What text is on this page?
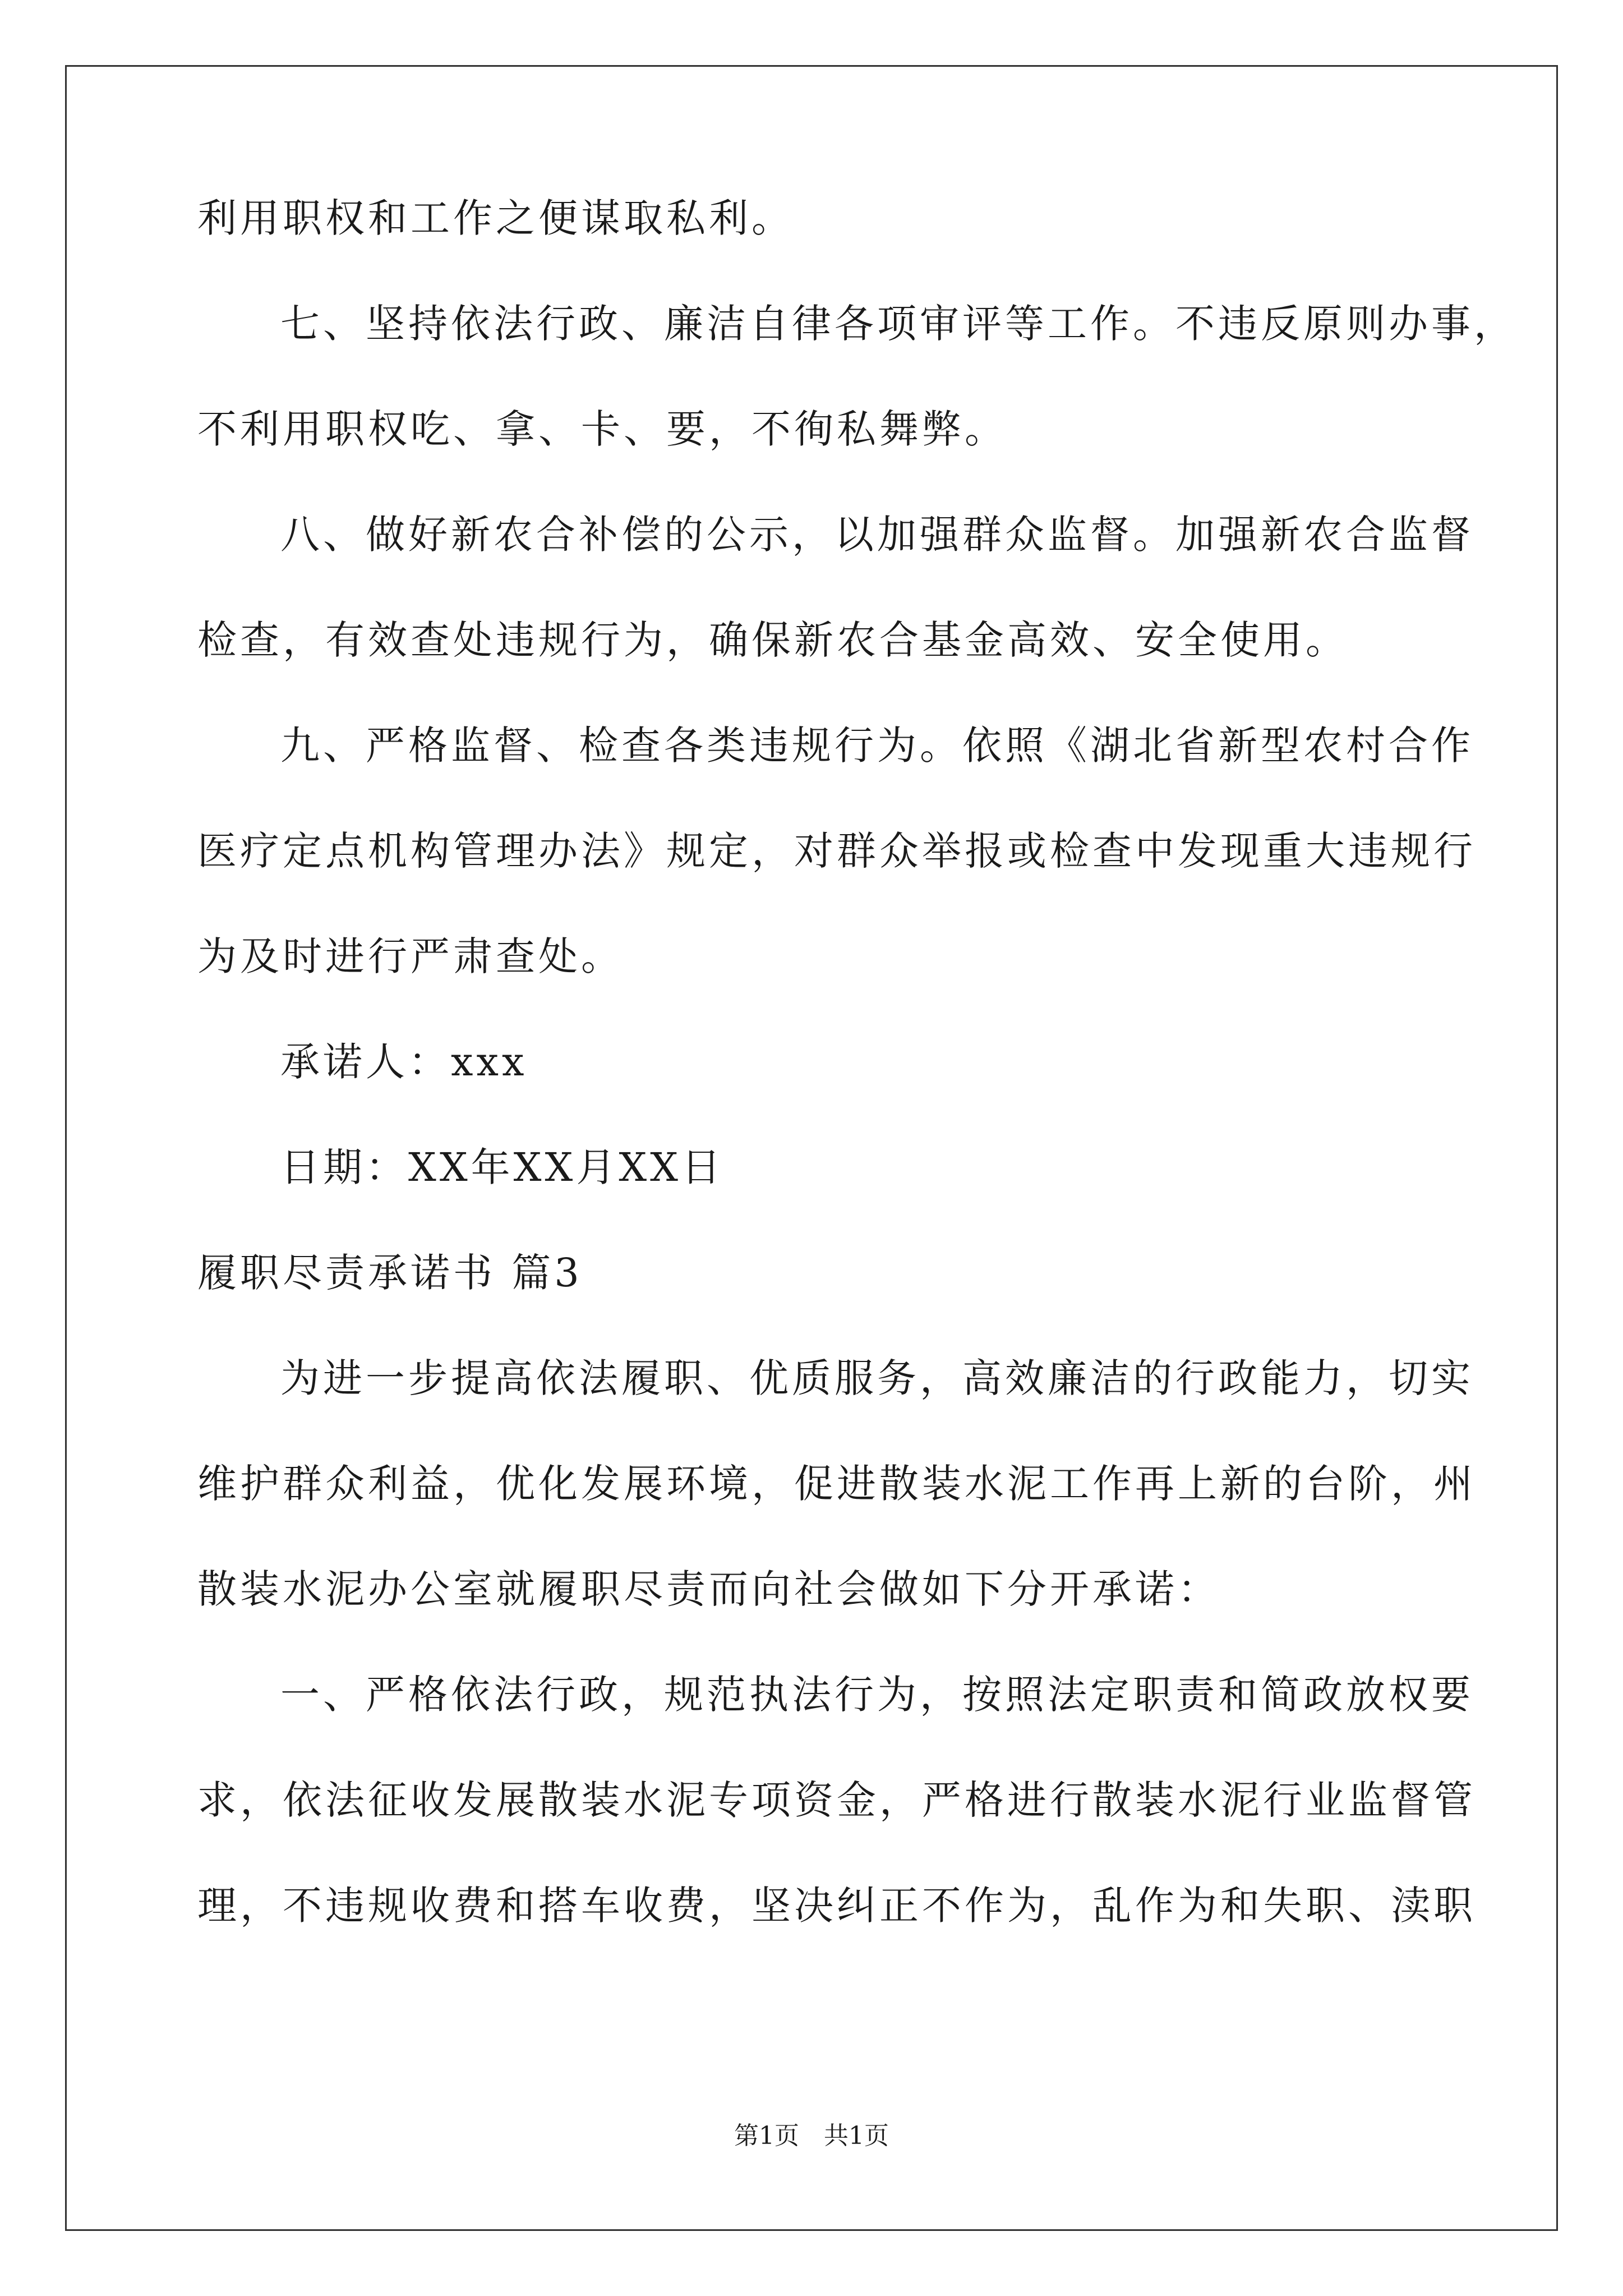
利用职权和工作之便谋取私利。
七、坚持依法行政、廉洁自律各项审评等工作。不违反原则办事，
不利用职权吃、拿、卡、要，不徇私舞弊。
八、做好新农合补偿的公示，以加强群众监督。加强新农合监督
检查，有效查处违规行为，确保新农合基金高效、安全使用。
九、严格监督、检查各类违规行为。依照《湖北省新型农村合作
医疗定点机构管理办法》规定，对群众举报或检查中发现重大违规行
为及时进行严肃查处。
承诺人：xxx
日期：XX年XX月XX日
履职尽责承诺书 篇3
为进一步提高依法履职、优质服务，高效廉洁的行政能力，切实
维护群众利益，优化发展环境，促进散装水泥工作再上新的台阶，州
散装水泥办公室就履职尽责而向社会做如下分开承诺：
一、严格依法行政，规范执法行为，按照法定职责和简政放权要
求，依法征收发展散装水泥专项资金，严格进行散装水泥行业监督管
理，不违规收费和搭车收费，坚决纠正不作为，乱作为和失职、渎职
第1页　共1页
